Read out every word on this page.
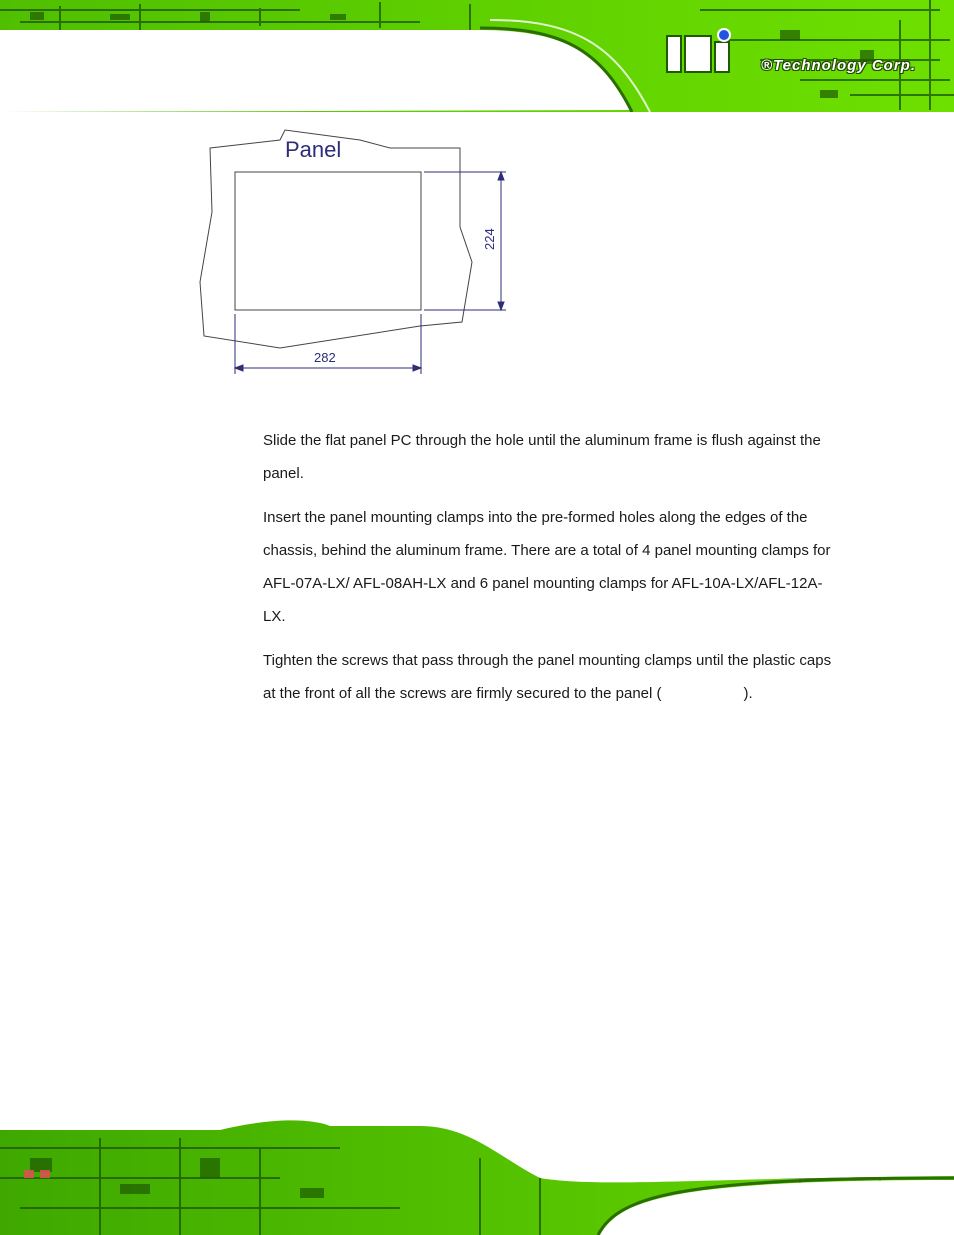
®Technology Corp.
Panel
282
224

Slide the flat panel PC through the hole until the aluminum frame is flush against the panel.

Insert the panel mounting clamps into the pre-formed holes along the edges of the chassis, behind the aluminum frame. There are a total of 4 panel mounting clamps for AFL-07A-LX/ AFL-08AH-LX and 6 panel mounting clamps for AFL-10A-LX/AFL-12A-LX.

Tighten the screws that pass through the panel mounting clamps until the plastic caps at the front of all the screws are firmly secured to the panel (	).
